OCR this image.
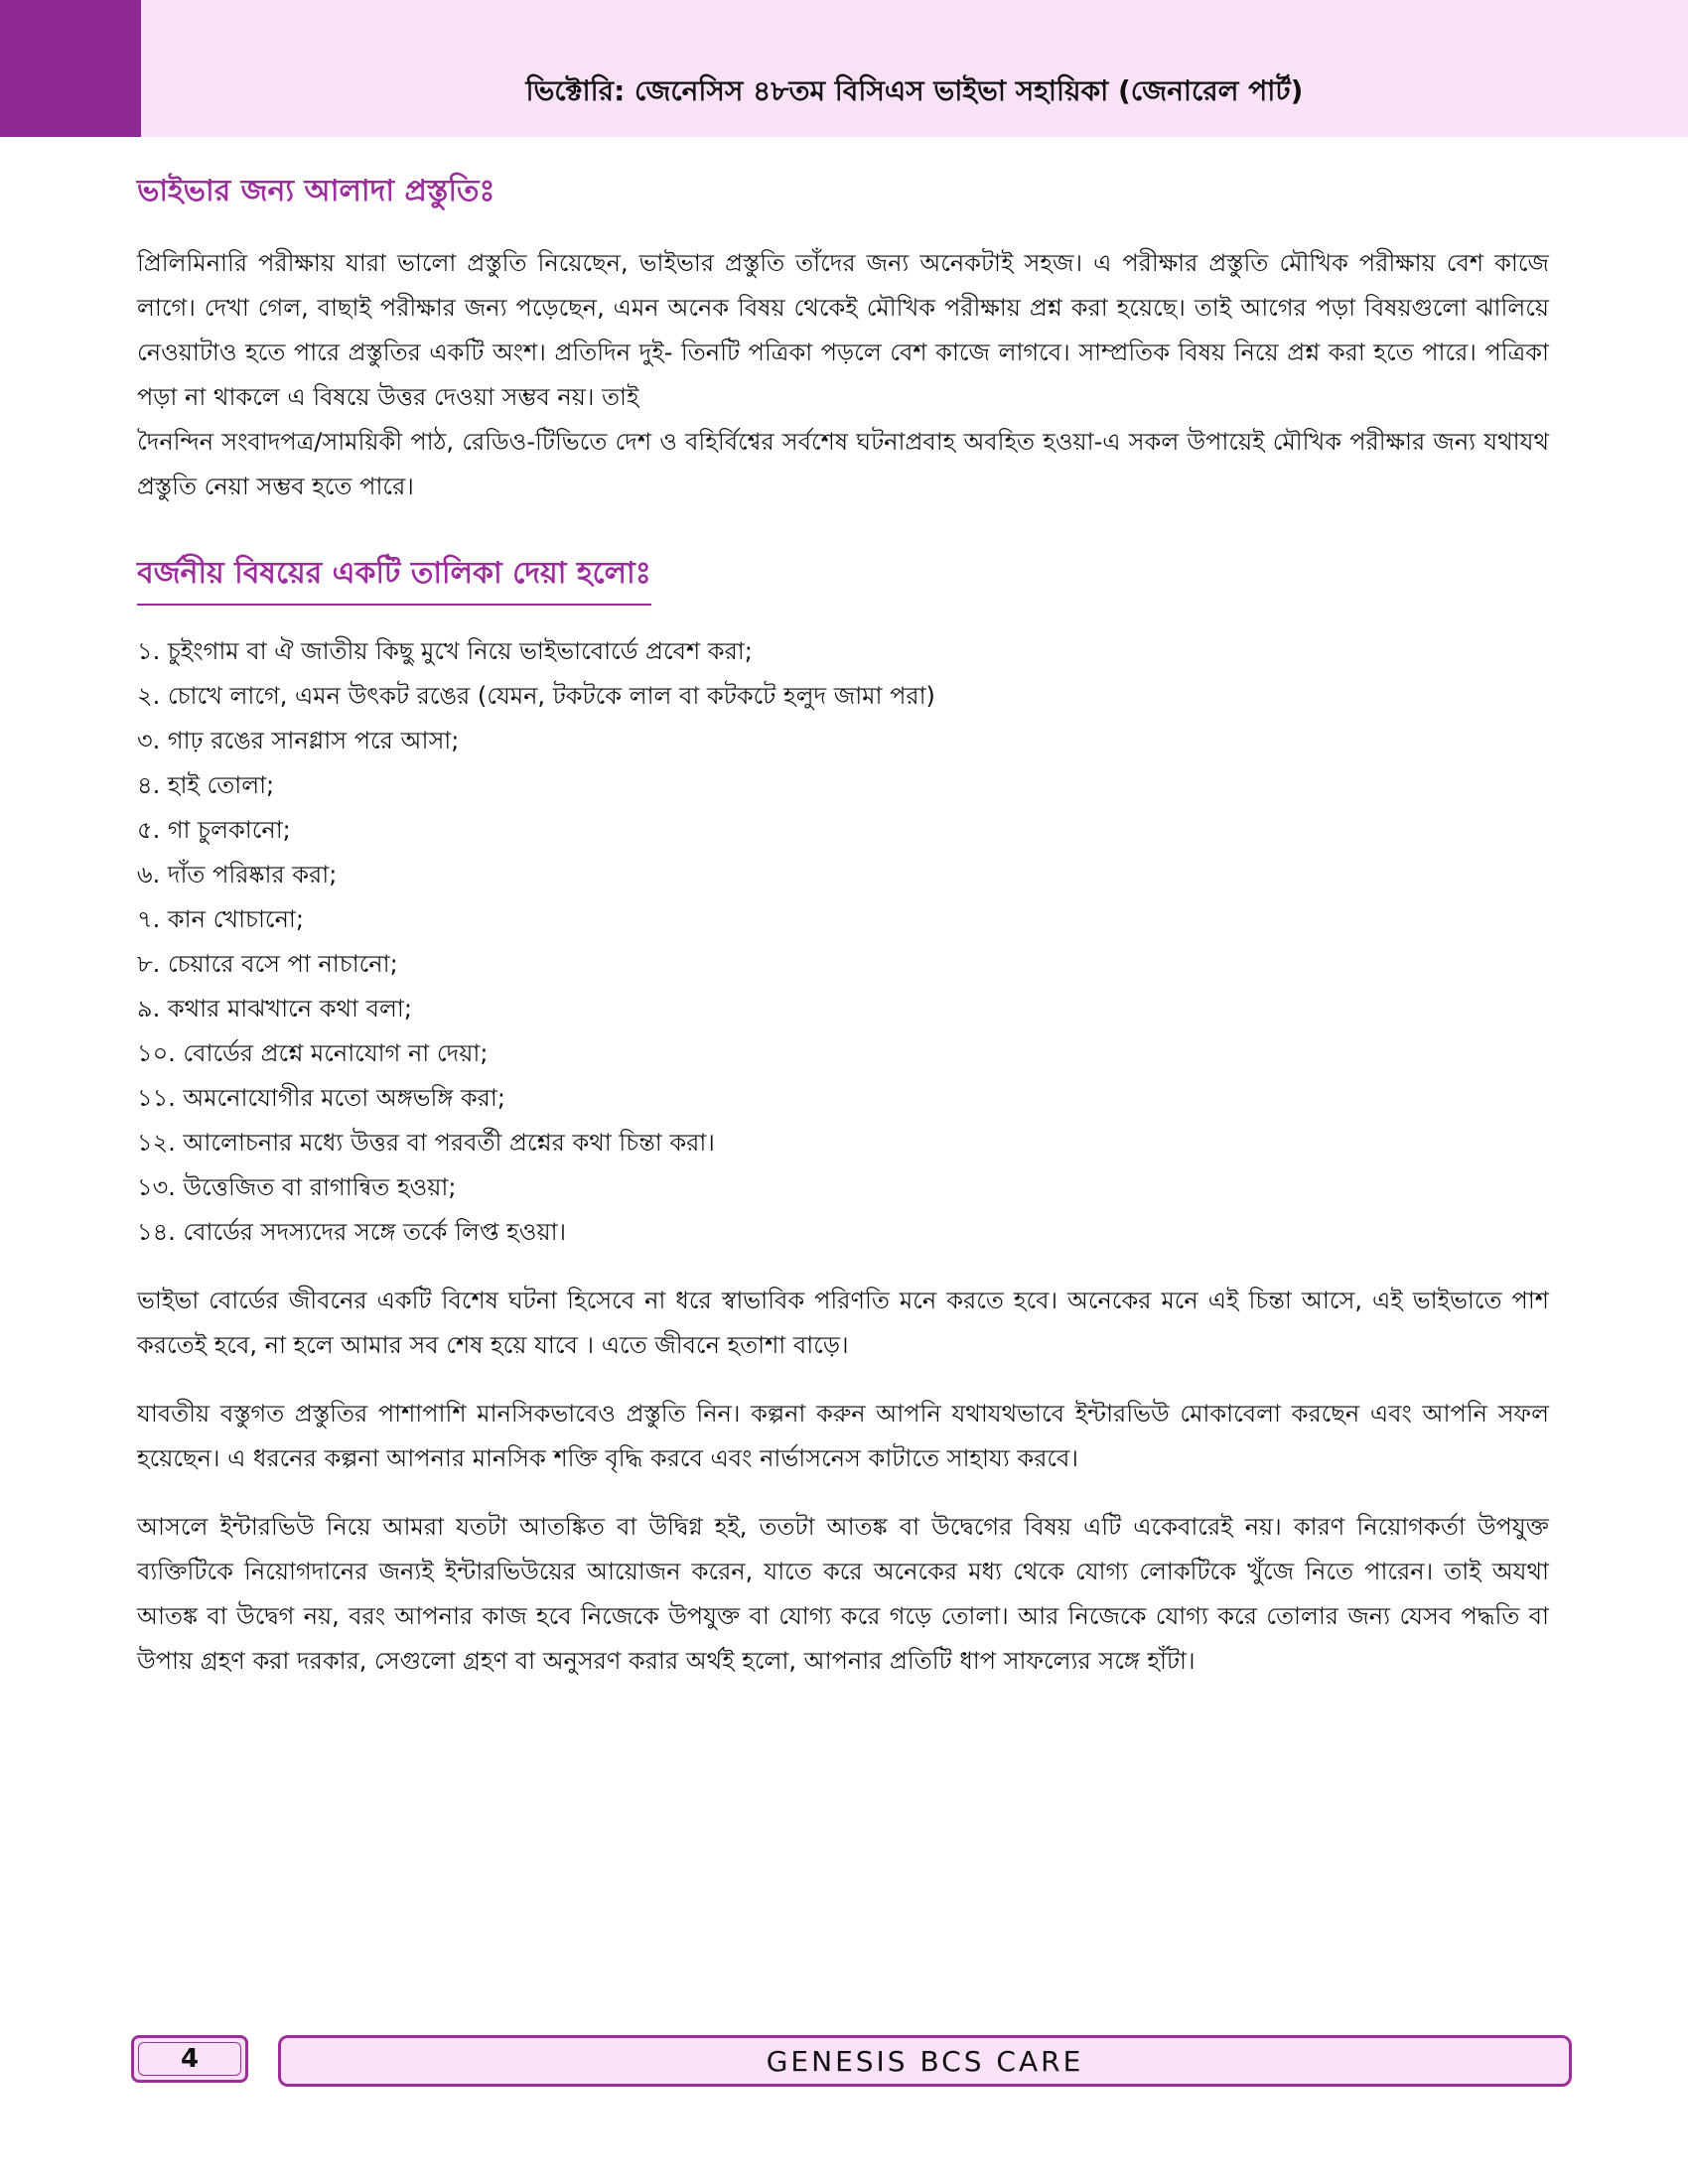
ভিক্টোরি: জেনেসিস ৪৮তম বিসিএস ভাইভা সহায়িকা (জেনারেল পার্ট)
ভাইভার জন্য আলাদা প্রস্তুতিঃ

প্রিলিমিনারি পরীক্ষায় যারা ভালো প্রস্তুতি নিয়েছেন, ভাইভার প্রস্তুতি তাঁদের জন্য অনেকটাই সহজ। এ পরীক্ষার প্রস্তুতি মৌখিক পরীক্ষায় বেশ কাজে লাগে। দেখা গেল, বাছাই পরীক্ষার জন্য পড়েছেন, এমন অনেক বিষয় থেকেই মৌখিক পরীক্ষায় প্রশ্ন করা হয়েছে। তাই আগের পড়া বিষয়গুলো ঝালিয়ে নেওয়াটাও হতে পারে প্রস্তুতির একটি অংশ। প্রতিদিন দুই- তিনটি পত্রিকা পড়লে বেশ কাজে লাগবে। সাম্প্রতিক বিষয় নিয়ে প্রশ্ন করা হতে পারে। পত্রিকা পড়া না থাকলে এ বিষয়ে উত্তর দেওয়া সম্ভব নয়। তাই

দৈনন্দিন সংবাদপত্র/সাময়িকী পাঠ, রেডিও-টিভিতে দেশ ও বহির্বিশ্বের সর্বশেষ ঘটনাপ্রবাহ অবহিত হওয়া-এ সকল উপায়েই মৌখিক পরীক্ষার জন্য যথাযথ প্রস্তুতি নেয়া সম্ভব হতে পারে।

বর্জনীয় বিষয়ের একটি তালিকা দেয়া হলোঃ
১. চুইংগাম বা ঐ জাতীয় কিছু মুখে নিয়ে ভাইভাবোর্ডে প্রবেশ করা;
২. চোখে লাগে, এমন উৎকট রঙের (যেমন, টকটকে লাল বা কটকটে হলুদ জামা পরা)
৩. গাঢ় রঙের সানগ্লাস পরে আসা;
৪. হাই তোলা;
৫. গা চুলকানো;
৬. দাঁত পরিষ্কার করা;
৭. কান খোচানো;
৮. চেয়ারে বসে পা নাচানো;
৯. কথার মাঝখানে কথা বলা;
১০. বোর্ডের প্রশ্নে মনোযোগ না দেয়া;
১১. অমনোযোগীর মতো অঙ্গভঙ্গি করা;
১২. আলোচনার মধ্যে উত্তর বা পরবর্তী প্রশ্নের কথা চিন্তা করা।
১৩. উত্তেজিত বা রাগান্বিত হওয়া;
১৪. বোর্ডের সদস্যদের সঙ্গে তর্কে লিপ্ত হওয়া।

ভাইভা বোর্ডের জীবনের একটি বিশেষ ঘটনা হিসেবে না ধরে স্বাভাবিক পরিণতি মনে করতে হবে। অনেকের মনে এই চিন্তা আসে, এই ভাইভাতে পাশ করতেই হবে, না হলে আমার সব শেষ হয়ে যাবে । এতে জীবনে হতাশা বাড়ে।

যাবতীয় বস্তুগত প্রস্তুতির পাশাপাশি মানসিকভাবেও প্রস্তুতি নিন। কল্পনা করুন আপনি যথাযথভাবে ইন্টারভিউ মোকাবেলা করছেন এবং আপনি সফল হয়েছেন। এ ধরনের কল্পনা আপনার মানসিক শক্তি বৃদ্ধি করবে এবং নার্ভাসনেস কাটাতে সাহায্য করবে।

আসলে ইন্টারভিউ নিয়ে আমরা যতটা আতঙ্কিত বা উদ্বিগ্ন হই, ততটা আতঙ্ক বা উদ্বেগের বিষয় এটি একেবারেই নয়। কারণ নিয়োগকর্তা উপযুক্ত ব্যক্তিটিকে নিয়োগদানের জন্যই ইন্টারভিউয়ের আয়োজন করেন, যাতে করে অনেকের মধ্য থেকে যোগ্য লোকটিকে খুঁজে নিতে পারেন। তাই অযথা আতঙ্ক বা উদ্বেগ নয়, বরং আপনার কাজ হবে নিজেকে উপযুক্ত বা যোগ্য করে গড়ে তোলা। আর নিজেকে যোগ্য করে তোলার জন্য যেসব পদ্ধতি বা উপায় গ্রহণ করা দরকার, সেগুলো গ্রহণ বা অনুসরণ করার অর্থই হলো, আপনার প্রতিটি ধাপ সাফল্যের সঙ্গে হাঁটা।

4	GENESIS BCS CARE
